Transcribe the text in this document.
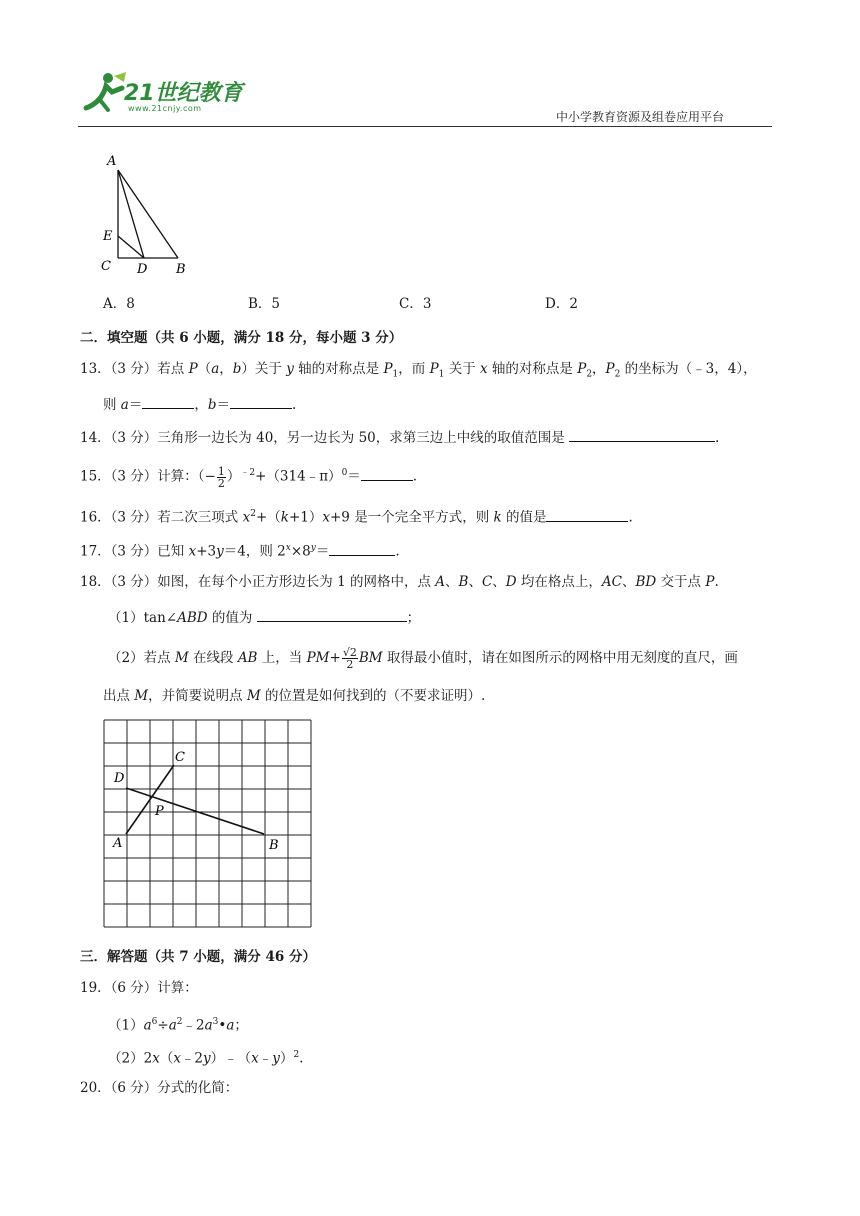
21世纪教育
www.21cnjy.com
中小学教育资源及组卷应用平台
A
E
C D B
A．8	B．5	C．3	D．2
二．填空题（共 6 小题，满分 18 分，每小题 3 分）
13．（3 分）若点 P（a，b）关于 y 轴的对称点是 $P_1$，而 $P_1$ 关于 x 轴的对称点是 $P_2$，$P_2$ 的坐标为（﹣3，4），
则 a＝	，b＝	.
14．（3 分）三角形一边长为 40，另一边长为 50，求第三边上中线的取值范围是	.
15．（3 分）计算：（− $\frac{1}{2}$ ）$^{﹣2}$+（314﹣π）$^0$＝	.
16．（3 分）若二次三项式 $x^2+(k+1)x+9$ 是一个完全平方式，则 k 的值是	.
17．（3 分）已知 x+3y＝4，则 $2^x\times 8^y=$	.
18．（3 分）如图，在每个小正方形边长为 1 的网格中，点 A、B、C、D 均在格点上，AC、BD 交于点 P.
（1）tan∠ABD 的值为	；
（2）若点 M 在线段 AB 上，当 $PM+ \frac{√2}{2}$ BM 取得最小值时，请在如图所示的网格中用无刻度的直尺，画
出点 M，并简要说明点 M 的位置是如何找到的（不要求证明）.
C
D
P
A	B
三．解答题（共 7 小题，满分 46 分）
19．（6 分）计算：
$(1)a^6\div a^2﹣2a^3•a$；
（2）2x（x﹣2y）﹣（x﹣y）$^2$.
20．（6 分）分式的化简：
